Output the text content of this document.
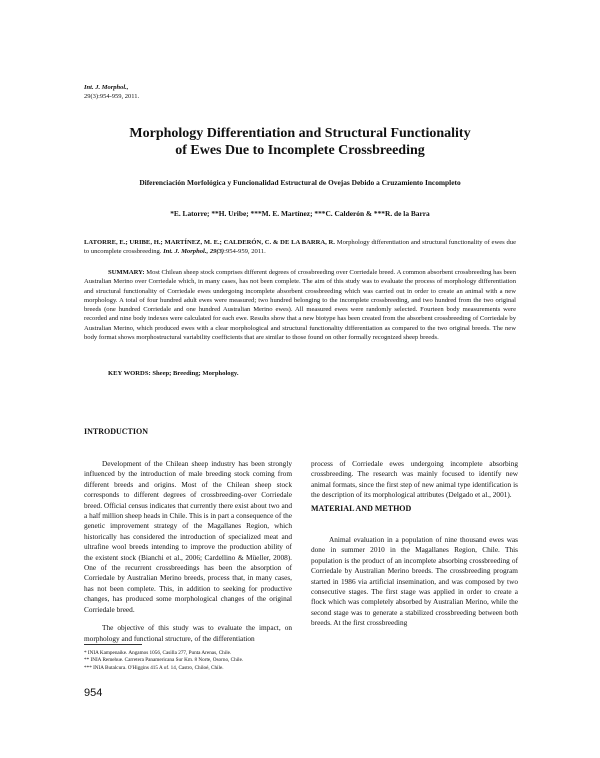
Int. J. Morphol.,
29(3):954-959, 2011.
Morphology Differentiation and Structural Functionality
of Ewes Due to Incomplete Crossbreeding
Diferenciación Morfológica y Funcionalidad Estructural de Ovejas Debido a Cruzamiento Incompleto
*E. Latorre; **H. Uribe; ***M. E. Martínez; ***C. Calderón & ***R. de la Barra
LATORRE, E.; URIBE, H.; MARTÍNEZ, M. E.; CALDERÓN, C. & DE LA BARRA, R. Morphology differentiation and structural functionality of ewes due to uncomplete crossbreeding. Int. J. Morphol., 29(3):954-959, 2011.
SUMMARY: Most Chilean sheep stock comprises different degrees of crossbreeding over Corriedale breed. A common absorbent crossbreeding has been Australian Merino over Corriedale which, in many cases, has not been complete. The aim of this study was to evaluate the process of morphology differentiation and structural functionality of Corriedale ewes undergoing incomplete absorbent crossbreeding which was carried out in order to create an animal with a new morphology. A total of four hundred adult ewes were measured; two hundred belonging to the incomplete crossbreeding, and two hundred from the two original breeds (one hundred Corriedale and one hundred Australian Merino ewes). All measured ewes were randomly selected. Fourteen body measurements were recorded and nine body indexes were calculated for each ewe. Results show that a new biotype has been created from the absorbent crossbreeding of Corriedale by Australian Merino, which produced ewes with a clear morphological and structural functionality differentiation as compared to the two original breeds. The new body format shows morphostructural variability coefficients that are similar to those found on other formally recognized sheep breeds.
KEY WORDS: Sheep; Breeding; Morphology.
INTRODUCTION

Development of the Chilean sheep industry has been strongly influenced by the introduction of male breeding stock coming from different breeds and origins. Most of the Chilean sheep stock corresponds to different degrees of crossbreeding-over Corriedale breed. Official census indicates that currently there exist about two and a half million sheep heads in Chile. This is in part a consequence of the genetic improvement strategy of the Magallanes Region, which historically has considered the introduction of specialized meat and ultrafine wool breeds intending to improve the production ability of the existent stock (Bianchi et al., 2006; Cardellino & Müeller, 2008). One of the recurrent crossbreedings has been the absorption of Corriedale by Australian Merino breeds, process that, in many cases, has not been complete. This, in addition to seeking for productive changes, has produced some morphological changes of the original Corriedale breed.

The objective of this study was to evaluate the impact, on morphology and functional structure, of the differentiation

process of Corriedale ewes undergoing incomplete absorbing crossbreeding. The research was mainly focused to identify new animal formats, since the first step of new animal type identification is the description of its morphological attributes (Delgado et al., 2001).

MATERIAL AND METHOD

Animal evaluation in a population of nine thousand ewes was done in summer 2010 in the Magallanes Region, Chile. This population is the product of an incomplete absorbing crossbreeding of Corriedale by Australian Merino breeds. The crossbreeding program started in 1986 via artificial insemination, and was composed by two consecutive stages. The first stage was applied in order to create a flock which was completely absorbed by Australian Merino, while the second stage was to generate a stabilized crossbreeding between both breeds. At the first crossbreeding

* INIA Kampenaike. Angamos 1056, Casilla 277, Punta Arenas, Chile.
** INIA Remehue. Carretera Panamericana Sur Km. 8 Norte, Osorno, Chile.
*** INIA Butalcura. O'Higgins 415 A of. 14, Castro, Chiloé, Chile.
954
